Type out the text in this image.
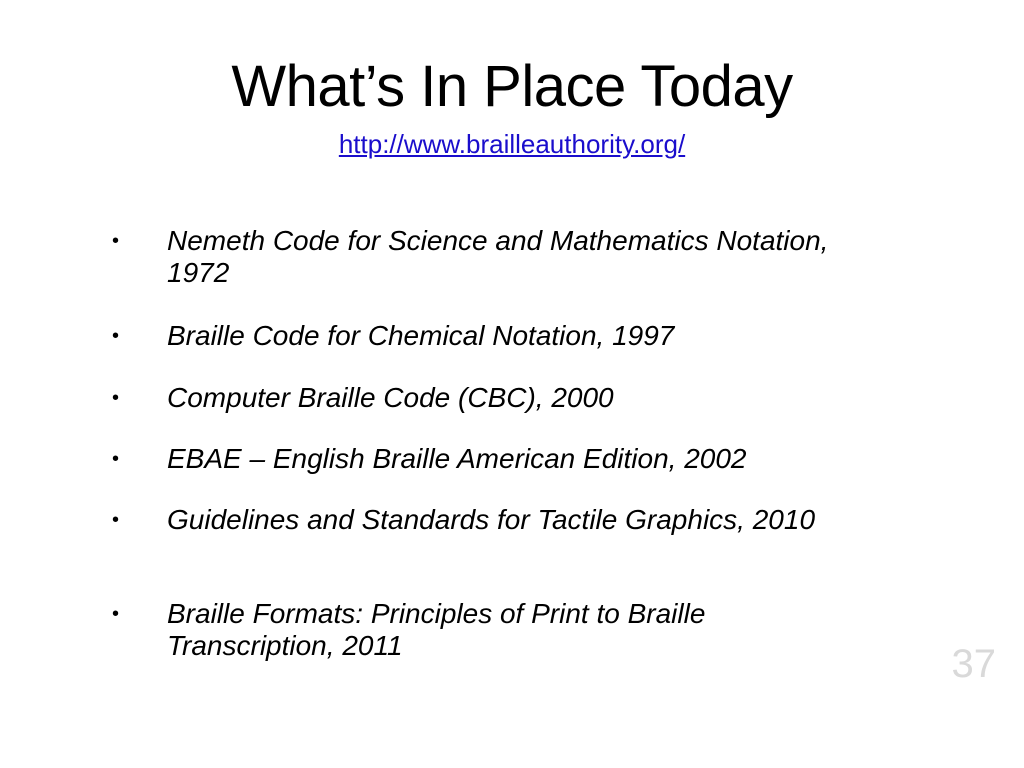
What’s In Place Today
http://www.brailleauthority.org/
•	Nemeth Code for Science and Mathematics Notation, 1972
•	Braille Code for Chemical Notation, 1997
•	Computer Braille Code (CBC), 2000
•	EBAE – English Braille American Edition, 2002
•	Guidelines and Standards for Tactile Graphics, 2010
•	Braille Formats: Principles of Print to Braille Transcription, 2011	37
